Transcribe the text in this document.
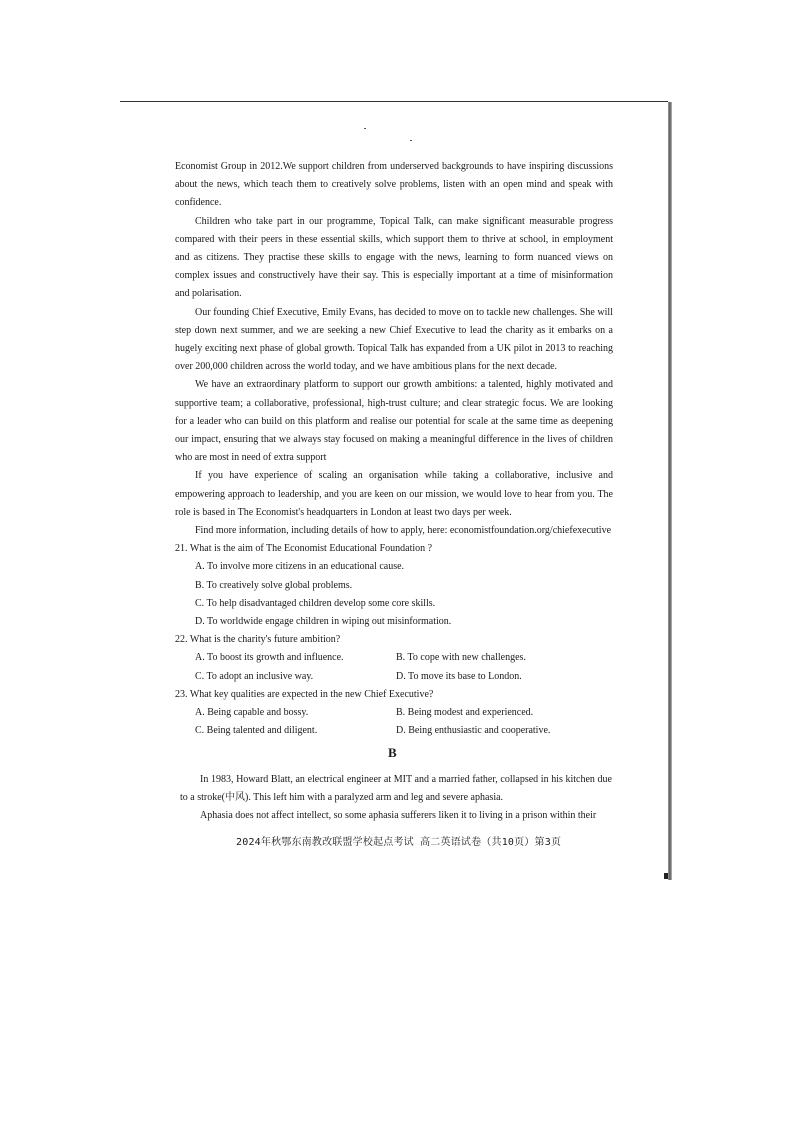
Economist Group in 2012.We support children from underserved backgrounds to have inspiring discussions about the news, which teach them to creatively solve problems, listen with an open mind and speak with confidence.

Children who take part in our programme, Topical Talk, can make significant measurable progress compared with their peers in these essential skills, which support them to thrive at school, in employment and as citizens. They practise these skills to engage with the news, learning to form nuanced views on complex issues and constructively have their say. This is especially important at a time of misinformation and polarisation.

Our founding Chief Executive, Emily Evans, has decided to move on to tackle new challenges. She will step down next summer, and we are seeking a new Chief Executive to lead the charity as it embarks on a hugely exciting next phase of global growth. Topical Talk has expanded from a UK pilot in 2013 to reaching over 200,000 children across the world today, and we have ambitious plans for the next decade.

We have an extraordinary platform to support our growth ambitions: a talented, highly motivated and supportive team; a collaborative, professional, high-trust culture; and clear strategic focus. We are looking for a leader who can build on this platform and realise our potential for scale at the same time as deepening our impact, ensuring that we always stay focused on making a meaningful difference in the lives of children who are most in need of extra support

If you have experience of scaling an organisation while taking a collaborative, inclusive and empowering approach to leadership, and you are keen on our mission, we would love to hear from you. The role is based in The Economist's headquarters in London at least two days per week.

Find more information, including details of how to apply, here: economistfoundation.org/chiefexecutive

21. What is the aim of The Economist Educational Foundation ?
A. To involve more citizens in an educational cause.
B. To creatively solve global problems.
C. To help disadvantaged children develop some core skills.
D. To worldwide engage children in wiping out misinformation.
22. What is the charity's future ambition?
A. To boost its growth and influence.	B. To cope with new challenges.
C. To adopt an inclusive way.	D. To move its base to London.
23. What key qualities are expected in the new Chief Executive?
A. Being capable and bossy.	B. Being modest and experienced.
C. Being talented and diligent.	D. Being enthusiastic and cooperative.
B

In 1983, Howard Blatt, an electrical engineer at MIT and a married father, collapsed in his kitchen due to a stroke(中风). This left him with a paralyzed arm and leg and severe aphasia.

Aphasia does not affect intellect, so some aphasia sufferers liken it to living in a prison within their

2024年秋鄂东南教改联盟学校起点考试 高二英语试卷（共10页）第3页
